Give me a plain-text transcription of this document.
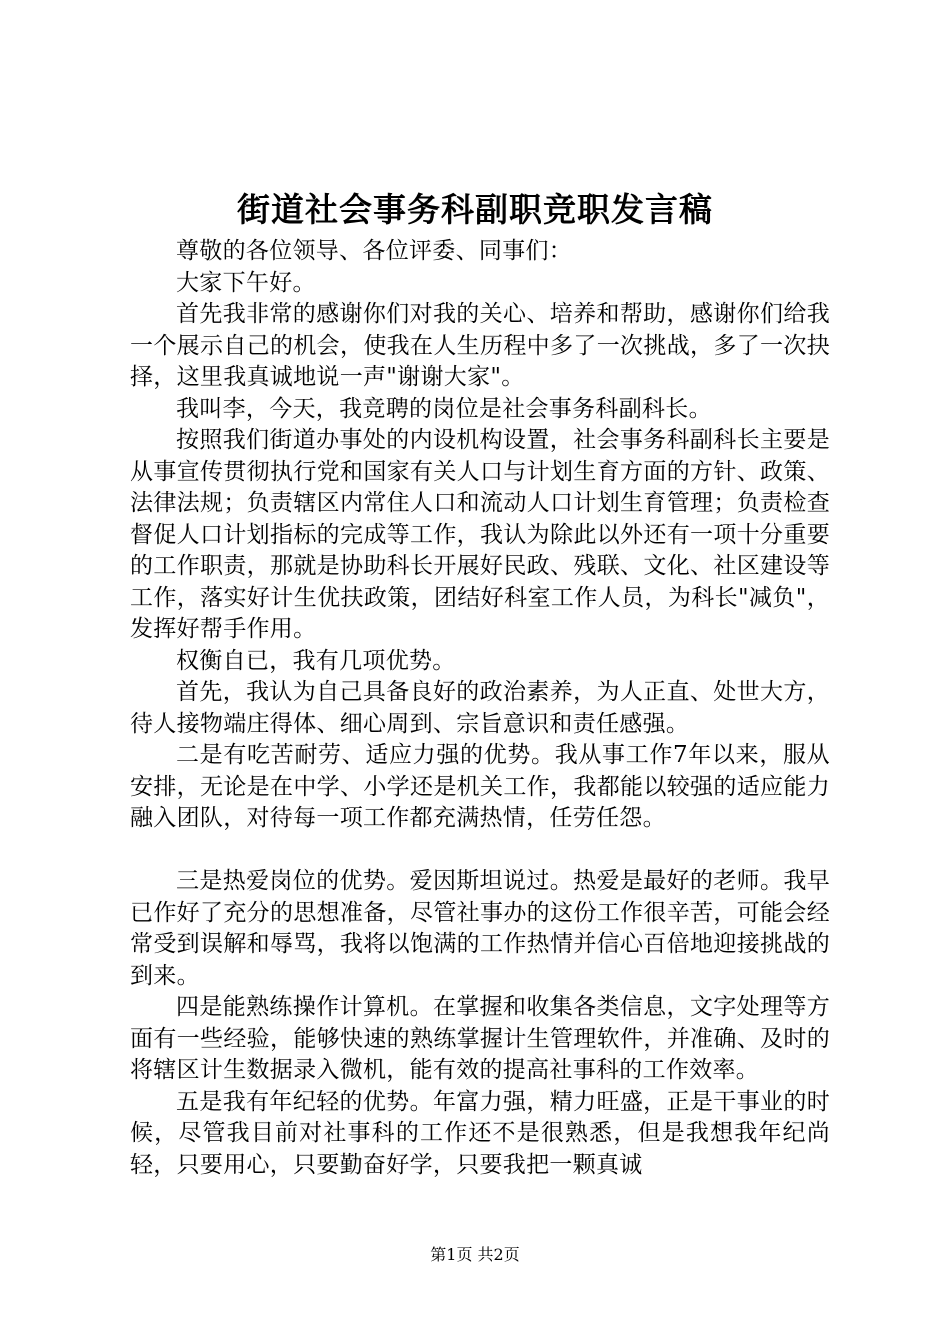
街道社会事务科副职竞职发言稿

尊敬的各位领导、各位评委、同事们：

大家下午好。

首先我非常的感谢你们对我的关心、培养和帮助，感谢你们给我一个展示自己的机会，使我在人生历程中多了一次挑战，多了一次抉择，这里我真诚地说一声"谢谢大家"。

我叫李，今天，我竞聘的岗位是社会事务科副科长。

按照我们街道办事处的内设机构设置，社会事务科副科长主要是从事宣传贯彻执行党和国家有关人口与计划生育方面的方针、政策、法律法规；负责辖区内常住人口和流动人口计划生育管理；负责检查督促人口计划指标的完成等工作，我认为除此以外还有一项十分重要的工作职责，那就是协助科长开展好民政、残联、文化、社区建设等工作，落实好计生优扶政策，团结好科室工作人员，为科长"减负"，发挥好帮手作用。

权衡自已，我有几项优势。

首先，我认为自己具备良好的政治素养，为人正直、处世大方，待人接物端庄得体、细心周到、宗旨意识和责任感强。

二是有吃苦耐劳、适应力强的优势。我从事工作7年以来，服从安排，无论是在中学、小学还是机关工作，我都能以较强的适应能力融入团队，对待每一项工作都充满热情，任劳任怨。

三是热爱岗位的优势。爱因斯坦说过。热爱是最好的老师。我早已作好了充分的思想准备，尽管社事办的这份工作很辛苦，可能会经常受到误解和辱骂，我将以饱满的工作热情并信心百倍地迎接挑战的到来。

四是能熟练操作计算机。在掌握和收集各类信息，文字处理等方面有一些经验，能够快速的熟练掌握计生管理软件，并准确、及时的将辖区计生数据录入微机，能有效的提高社事科的工作效率。

五是我有年纪轻的优势。年富力强，精力旺盛，正是干事业的时候，尽管我目前对社事科的工作还不是很熟悉，但是我想我年纪尚轻，只要用心，只要勤奋好学，只要我把一颗真诚

第1页 共2页
